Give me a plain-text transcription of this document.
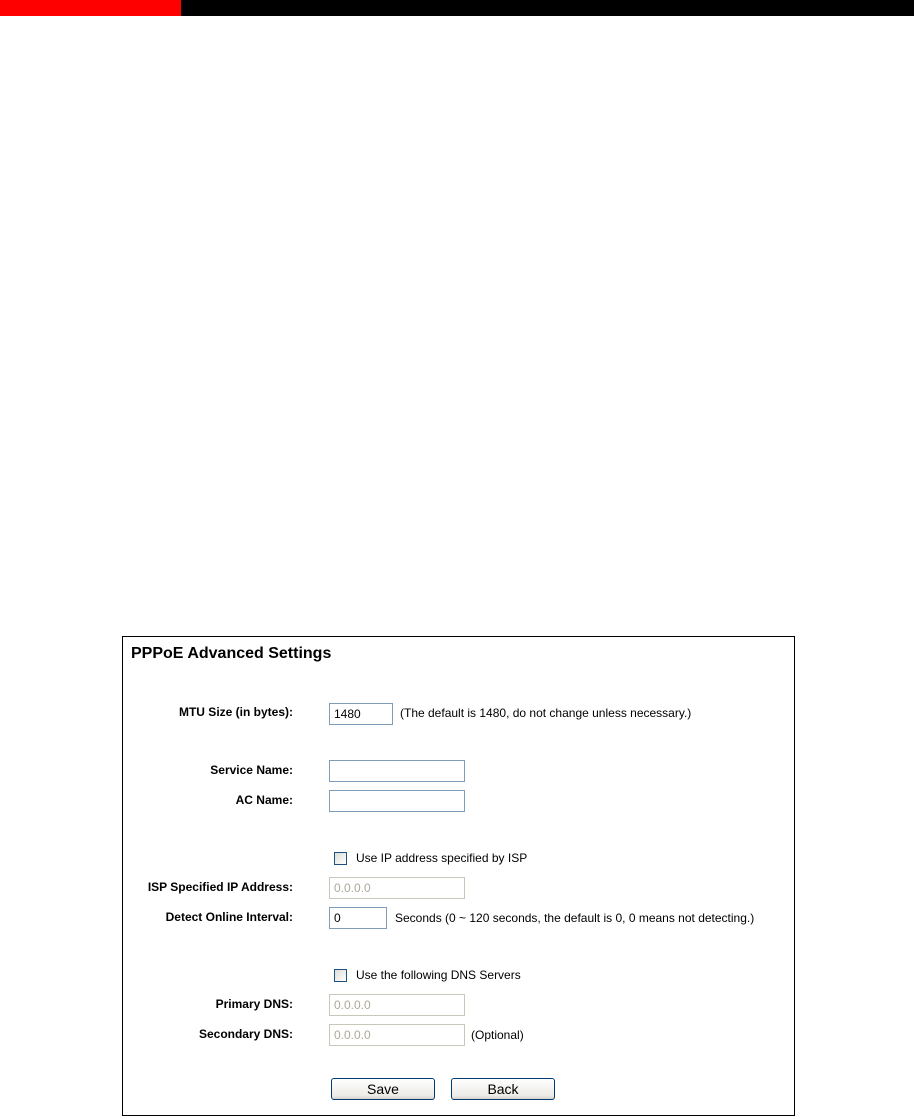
PPPoE Advanced Settings
MTU Size (in bytes):
1480	(The default is 1480, do not change unless necessary.)
Service Name:
AC Name:
Use IP address specified by ISP
ISP Specified IP Address:
0.0.0.0
Detect Online Interval:
0	Seconds (0 ~ 120 seconds, the default is 0, 0 means not detecting.)
Use the following DNS Servers
Primary DNS:
0.0.0.0
Secondary DNS:
0.0.0.0	(Optional)
Save	Back
